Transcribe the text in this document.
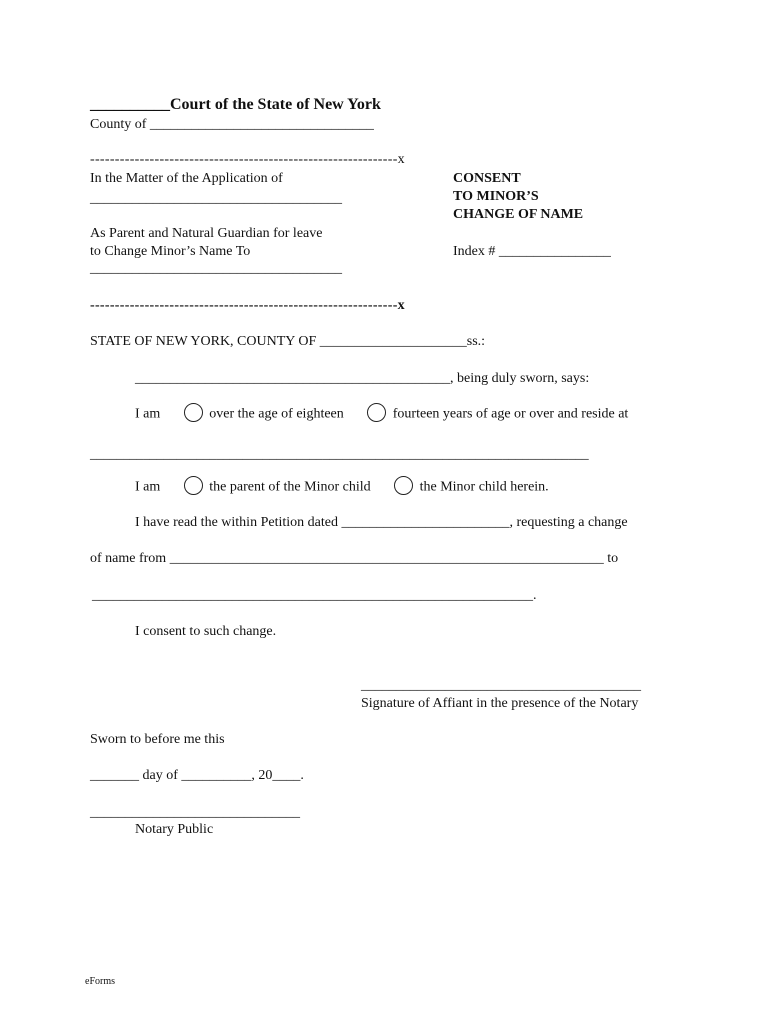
__________Court of the State of New York
County of ________________________________
--------------------------------------------------------------x
In the Matter of the Application of
____________________________________
As Parent and Natural Guardian for leave
to Change Minor’s Name To
____________________________________
--------------------------------------------------------------x
CONSENT
TO MINOR’S
CHANGE OF NAME
Index # ________________
STATE OF NEW YORK, COUNTY OF _____________________ss.:
_____________________________________________, being duly sworn, says:
I am	over the age of eighteen	fourteen years of age or over and reside at
___________________________________________________________________________
I am	the parent of the Minor child	the Minor child herein.
I have read the within Petition dated ________________________, requesting a change
of name from ______________________________________________________________ to
_______________________________________________________________.
I consent to such change.
________________________________________
Signature of Affiant in the presence of the Notary
Sworn to before me this
_______ day of __________, 20____.
______________________________
Notary Public
eForms
